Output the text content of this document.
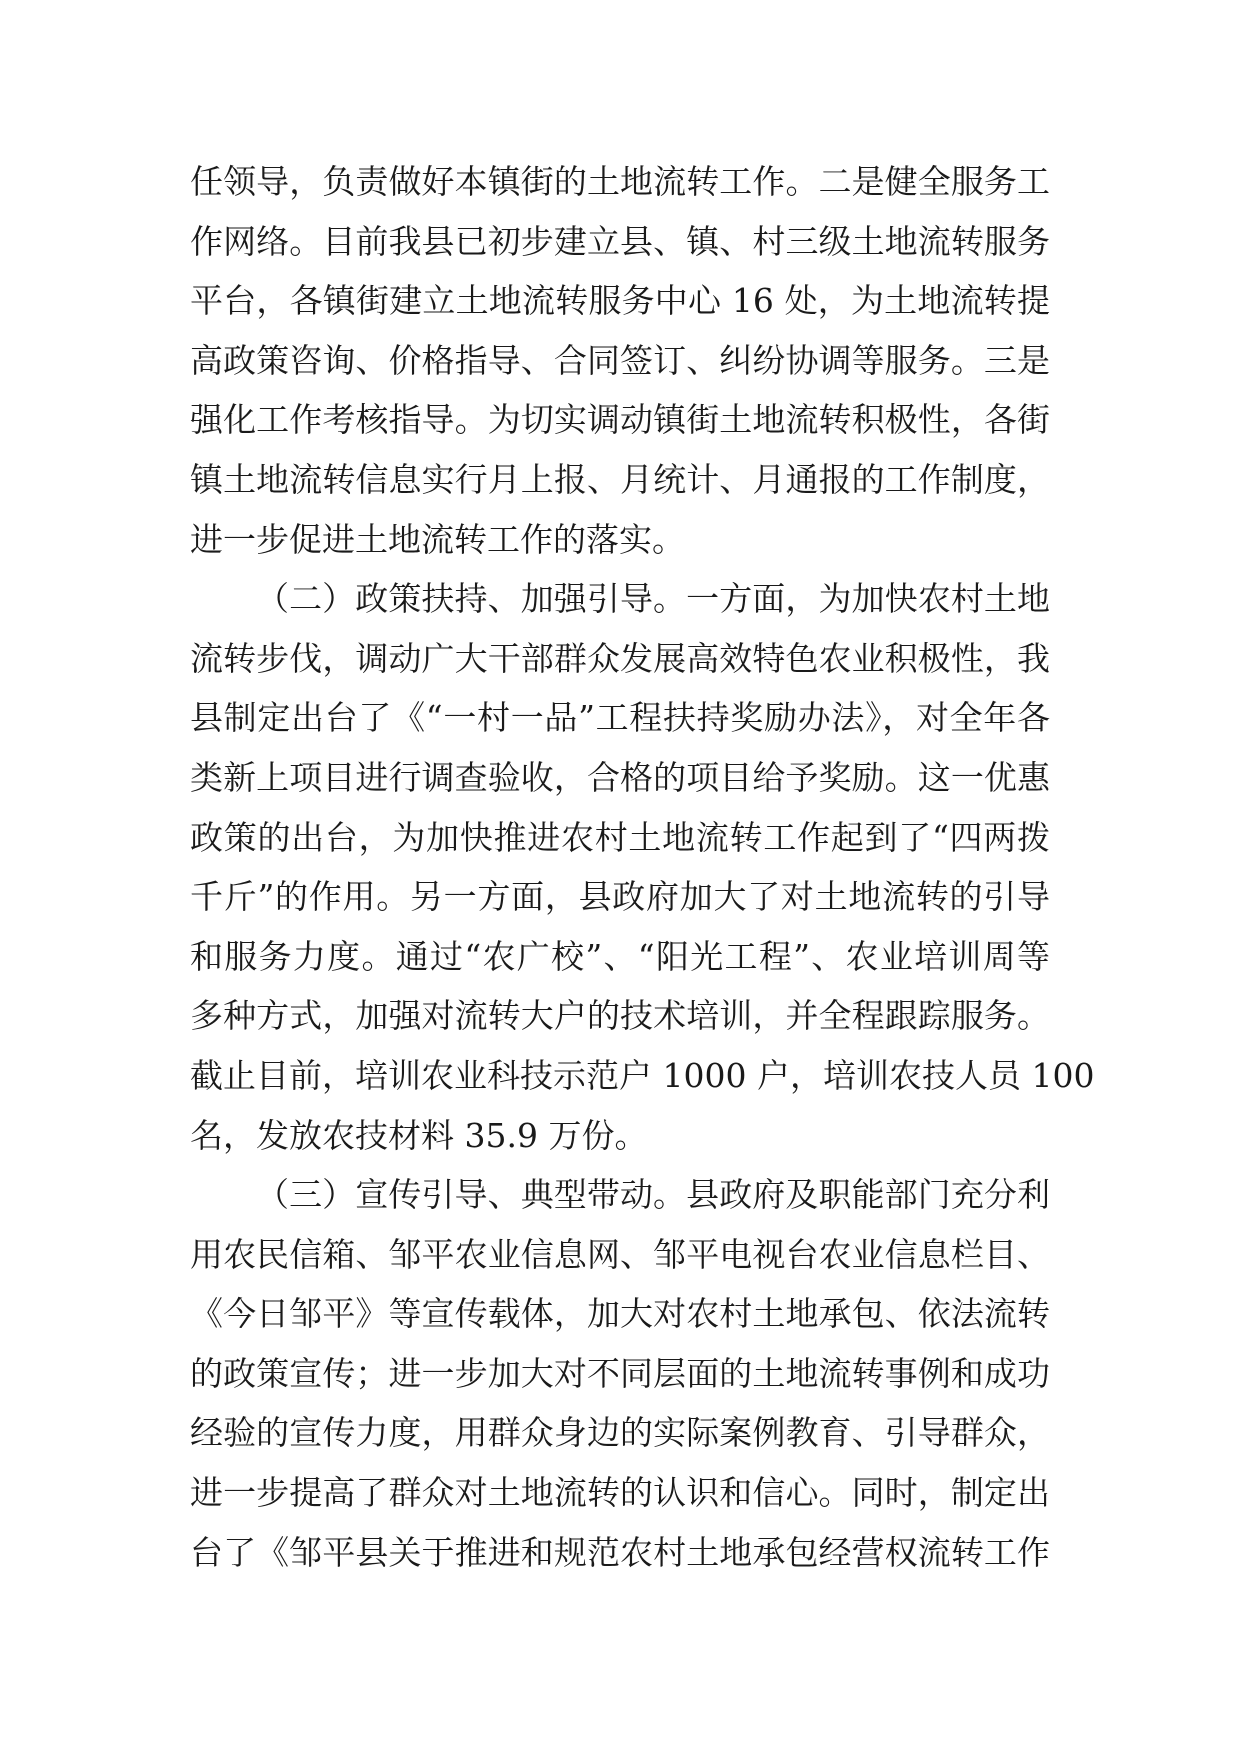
任领导，负责做好本镇街的土地流转工作。二是健全服务工
作网络。目前我县已初步建立县、镇、村三级土地流转服务
平台，各镇街建立土地流转服务中心 16 处，为土地流转提
高政策咨询、价格指导、合同签订、纠纷协调等服务。三是
强化工作考核指导。为切实调动镇街土地流转积极性，各街
镇土地流转信息实行月上报、月统计、月通报的工作制度，
进一步促进土地流转工作的落实。
（二）政策扶持、加强引导。一方面，为加快农村土地
流转步伐，调动广大干部群众发展高效特色农业积极性，我
县制定出台了《“一村一品”工程扶持奖励办法》，对全年各
类新上项目进行调查验收，合格的项目给予奖励。这一优惠
政策的出台，为加快推进农村土地流转工作起到了“四两拨
千斤”的作用。另一方面，县政府加大了对土地流转的引导
和服务力度。通过“农广校”、“阳光工程”、农业培训周等
多种方式，加强对流转大户的技术培训，并全程跟踪服务。
截止目前，培训农业科技示范户 1000 户，培训农技人员 100
名，发放农技材料 35.9 万份。
（三）宣传引导、典型带动。县政府及职能部门充分利
用农民信箱、邹平农业信息网、邹平电视台农业信息栏目、
《今日邹平》等宣传载体，加大对农村土地承包、依法流转
的政策宣传；进一步加大对不同层面的土地流转事例和成功
经验的宣传力度，用群众身边的实际案例教育、引导群众，
进一步提高了群众对土地流转的认识和信心。同时，制定出
台了《邹平县关于推进和规范农村土地承包经营权流转工作
